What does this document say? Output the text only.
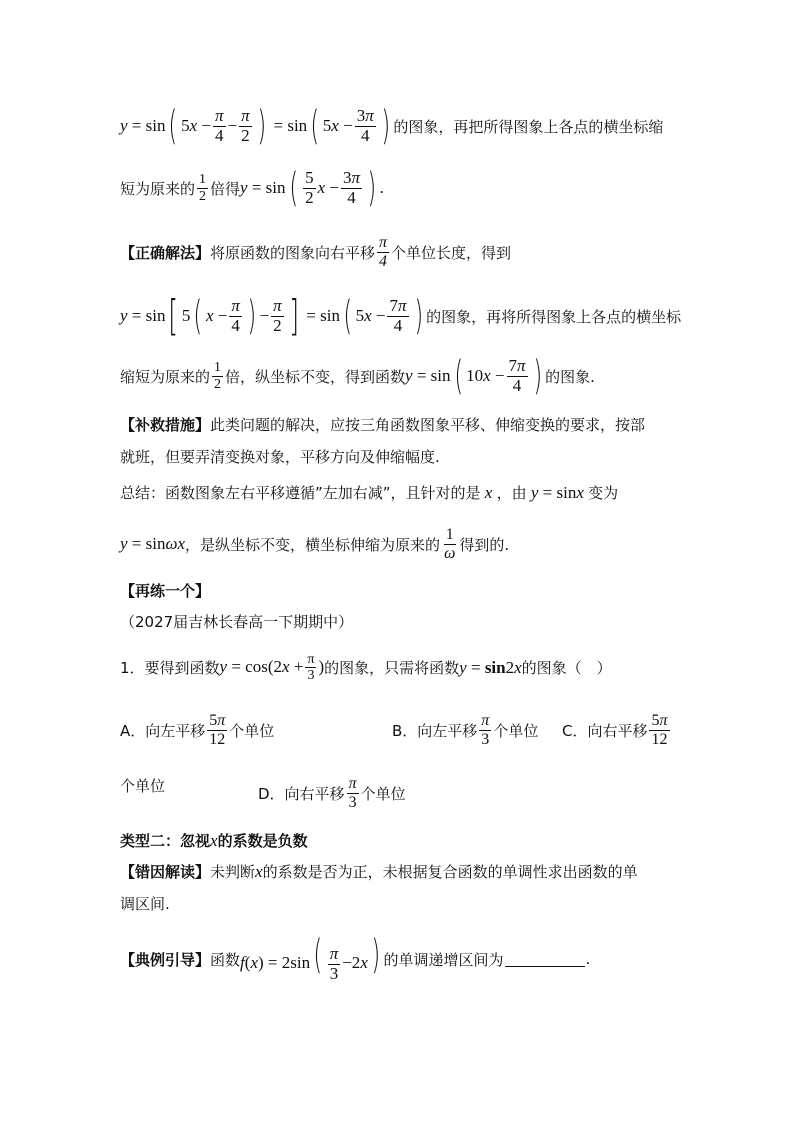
y = sin ( 5 $x - \frac{\pi}{4} - \frac{\pi}{2}$ ) = sin ( 5 $x - \frac{3\pi}{4}$ ) 的图象，再把所得图象上各点的横坐标缩
短为原来的 $\frac{1}{2}$ 倍得 y = sin ( $\frac{5}{2}$ $x - \frac{3\pi}{4}$ ) .
【正确解法】 将原函数的图象向右平移 $\frac{\pi}{4}$ 个单位长度，得到
y = sin [ 5 ( $x - \frac{\pi}{4}$ ) − $\frac{\pi}{2}$ ] = sin ( 5 $x - \frac{7\pi}{4}$ ) 的图象，再将所得图象上各点的横坐标
缩短为原来的 $\frac{1}{2}$ 倍，纵坐标不变，得到函数 y = sin ( 10 $x - \frac{7\pi}{4}$ ) 的图象.
【补救措施】 此类问题的解决，应按三角函数图象平移、伸缩变换的要求，按部
就班，但要弄清变换对象，平移方向及伸缩幅度.
总结：函数图象左右平移遵循”左加右减”，且针对的是 x ，由 y = sinx 变为
y = sinωx ，是纵坐标不变，横坐标伸缩为原来的 $\frac{1}{\omega}$ 得到的.
【再练一个】
（2027届吉林长春高一下期期中）
1．要得到函数 $y = \cos(2x + \frac{\pi}{3}$ ) 的图象，只需将函数 y = sin2x 的图象（　）
A．向左平移 $\frac{5\pi}{12}$ 个单位	B．向左平移 $\frac{\pi}{3}$ 个单位 C．向右平移 $\frac{5\pi}{12}$
个单位	D．向右平移 $\frac{\pi}{3}$ 个单位
类型二：忽视 x 的系数是负数
【错因解读】 未判断 x 的系数是否为正，未根据复合函数的单调性求出函数的单
调区间.
【典例引导】 函数 $f(x) = 2\sin( \frac{\pi}{3} -2x)$ 的单调递增区间为	.
